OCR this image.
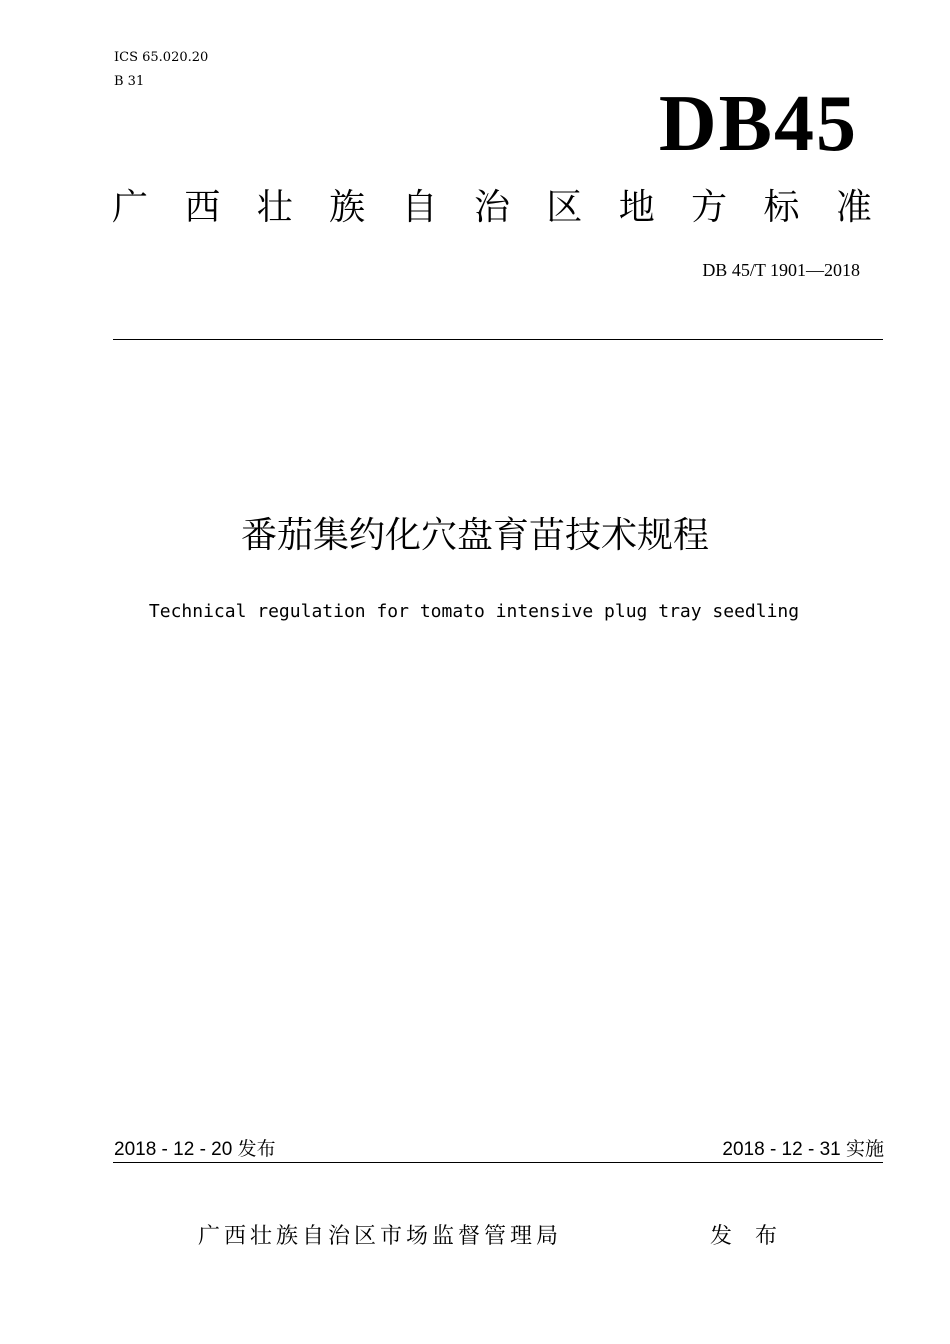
ICS 65.020.20
B 31	DB45
广 西 壮 族 自 治 区 地 方 标 准
DB 45/T 1901—2018
番茄集约化穴盘育苗技术规程
Technical regulation for tomato intensive plug tray seedling
2018 - 12 - 20 发布	2018 - 12 - 31 实施
广西壮族自治区市场监督管理局	发 布
